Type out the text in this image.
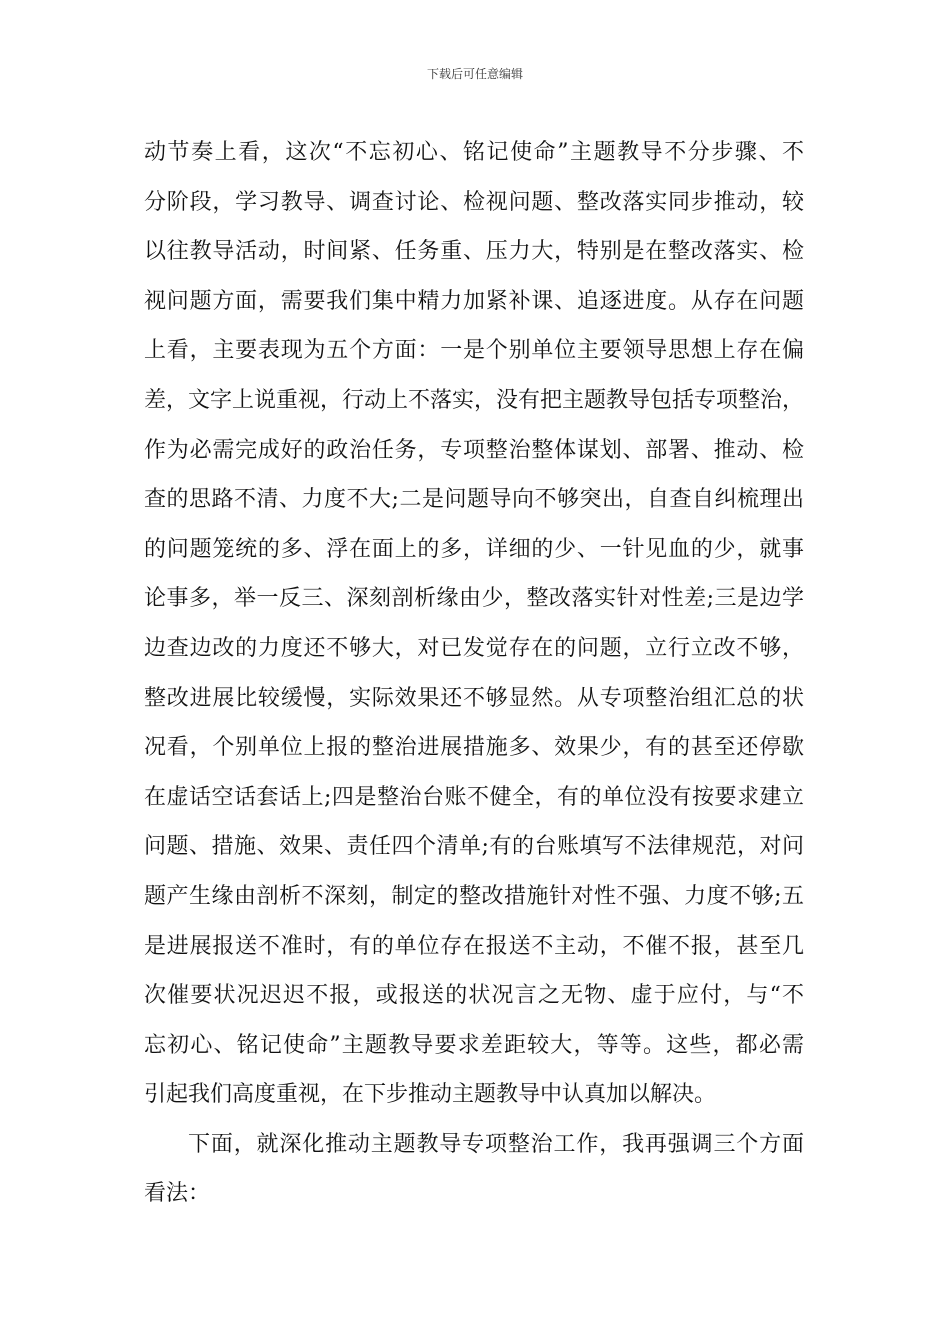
下载后可任意编辑
动节奏上看，这次“不忘初心、铭记使命”主题教导不分步骤、不
分阶段，学习教导、调查讨论、检视问题、整改落实同步推动，较
以往教导活动，时间紧、任务重、压力大，特别是在整改落实、检
视问题方面，需要我们集中精力加紧补课、追逐进度。从存在问题
上看，主要表现为五个方面：一是个别单位主要领导思想上存在偏
差，文字上说重视，行动上不落实，没有把主题教导包括专项整治，
作为必需完成好的政治任务，专项整治整体谋划、部署、推动、检
查的思路不清、力度不大;二是问题导向不够突出，自查自纠梳理出
的问题笼统的多、浮在面上的多，详细的少、一针见血的少，就事
论事多，举一反三、深刻剖析缘由少，整改落实针对性差;三是边学
边查边改的力度还不够大，对已发觉存在的问题，立行立改不够，
整改进展比较缓慢，实际效果还不够显然。从专项整治组汇总的状
况看，个别单位上报的整治进展措施多、效果少，有的甚至还停歇
在虚话空话套话上;四是整治台账不健全，有的单位没有按要求建立
问题、措施、效果、责任四个清单;有的台账填写不法律规范，对问
题产生缘由剖析不深刻，制定的整改措施针对性不强、力度不够;五
是进展报送不准时，有的单位存在报送不主动，不催不报，甚至几
次催要状况迟迟不报，或报送的状况言之无物、虚于应付，与“不
忘初心、铭记使命”主题教导要求差距较大，等等。这些，都必需
引起我们高度重视，在下步推动主题教导中认真加以解决。
下面，就深化推动主题教导专项整治工作，我再强调三个方面
看法：
